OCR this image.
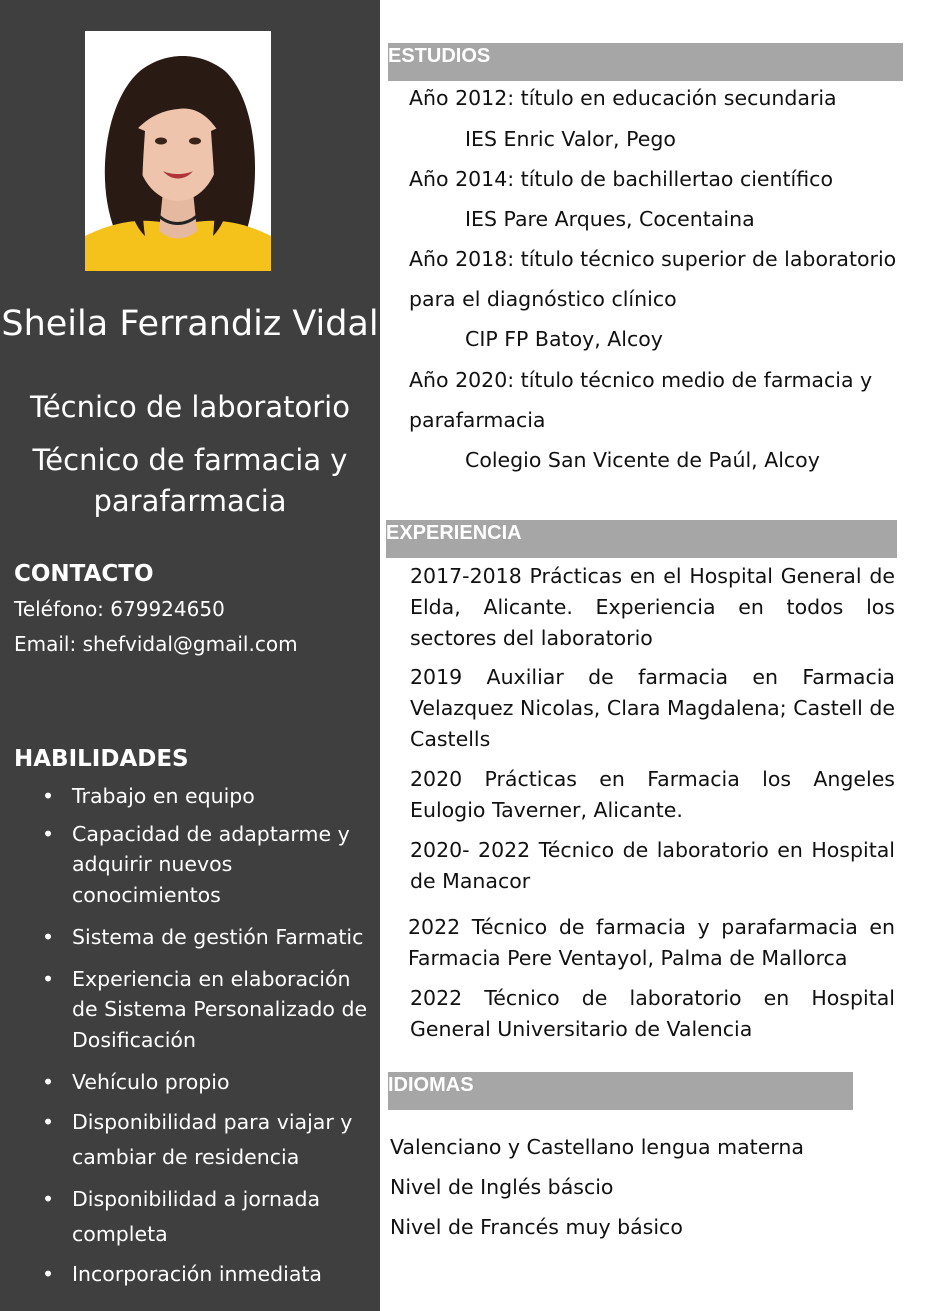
Sheila Ferrandiz Vidal
Técnico de laboratorio
Técnico de farmacia y
parafarmacia
CONTACTO
Teléfono: 679924650
Email: shefvidal@gmail.com
HABILIDADES
• Trabajo en equipo
• Capacidad de adaptarme y adquirir nuevos conocimientos
• Sistema de gestión Farmatic
• Experiencia en elaboración de Sistema Personalizado de Dosificación
• Vehículo propio
• Disponibilidad para viajar y cambiar de residencia
• Disponibilidad a jornada completa
• Incorporación inmediata
ESTUDIOS
Año 2012: título en educación secundaria
IES Enric Valor, Pego
Año 2014: título de bachillertao científico
IES Pare Arques, Cocentaina
Año 2018: título técnico superior de laboratorio
para el diagnóstico clínico
CIP FP Batoy, Alcoy
Año 2020: título técnico medio de farmacia y
parafarmacia
Colegio San Vicente de Paúl, Alcoy
EXPERIENCIA
2017-2018 Prácticas en el Hospital General de Elda, Alicante. Experiencia en todos los sectores del laboratorio
2019 Auxiliar de farmacia en Farmacia Velazquez Nicolas, Clara Magdalena; Castell de Castells
2020 Prácticas en Farmacia los Angeles Eulogio Taverner, Alicante.
2020- 2022 Técnico de laboratorio en Hospital de Manacor
2022 Técnico de farmacia y parafarmacia en Farmacia Pere Ventayol, Palma de Mallorca
2022 Técnico de laboratorio en Hospital General Universitario de Valencia
IDIOMAS
Valenciano y Castellano lengua materna
Nivel de Inglés báscio
Nivel de Francés muy básico
